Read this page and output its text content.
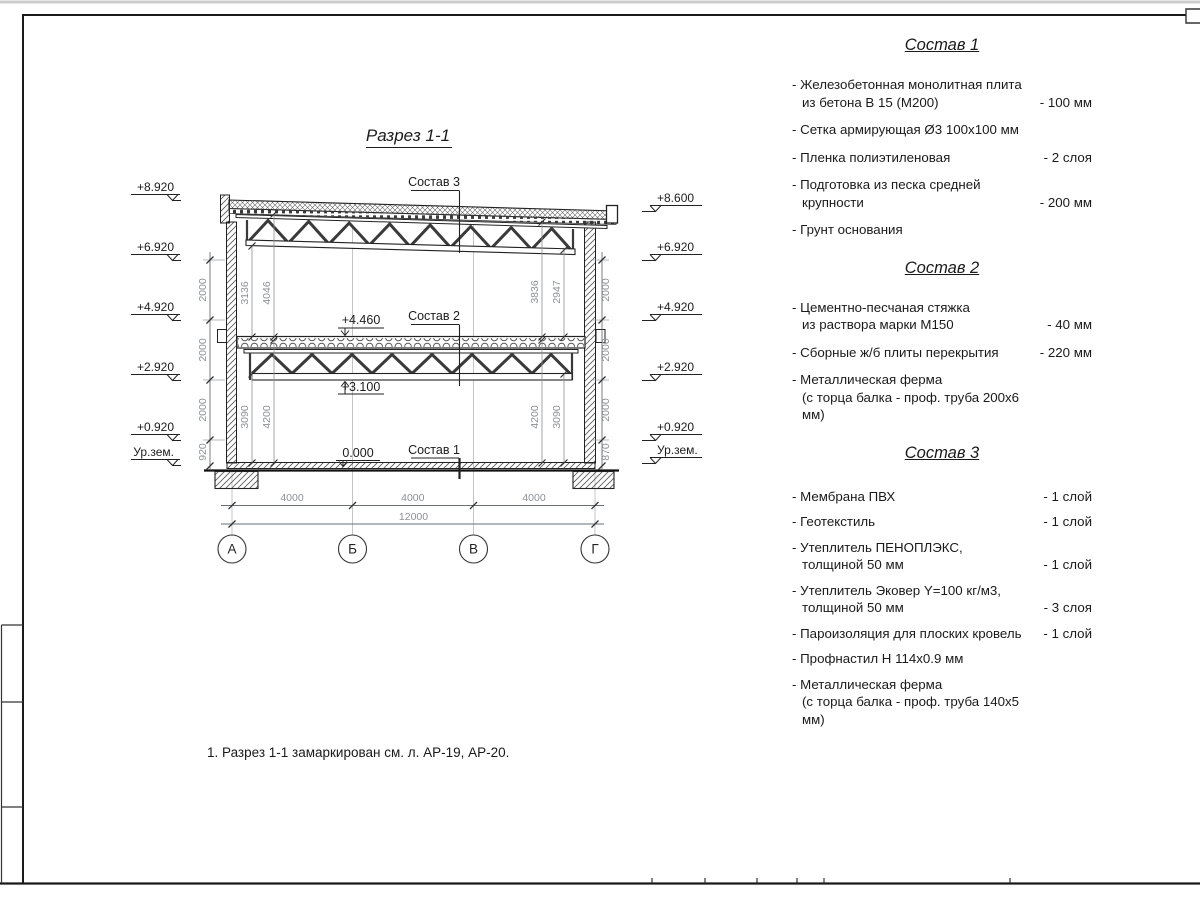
Разрез 1-1
Состав 3
Состав 2
Состав 1
+4.460
+3.100
0.000
+8.920
+6.920
+4.920
+2.920
+0.920
Ур.зем.
+8.600
+6.920
+4.920
+2.920
+0.920
Ур.зем.
2000
2000
2000
920
2000
2000
2000
870
3136 4046
3090 4200
3836 2947
4200 3090
4000	4000	4000
12000
А	Б	В	Г
Состав 1
- Железобетонная монолитная плита
из бетона В 15 (М200)	- 100 мм
- Сетка армирующая Ø3 100х100 мм
- Пленка полиэтиленовая	- 2 слоя
- Подготовка из песка средней
крупности	- 200 мм
- Грунт основания
Состав 2
- Цементно-песчаная стяжка
из раствора марки М150	- 40 мм
- Сборные ж/б плиты перекрытия	- 220 мм
- Металлическая ферма
(с торца балка - проф. труба 200х6 мм)
Состав 3
- Мембрана ПВХ	- 1 слой
- Геотекстиль	- 1 слой
- Утеплитель ПЕНОПЛЭКС,
толщиной 50 мм	- 1 слой
- Утеплитель Эковер Y=100 кг/м3,
толщиной 50 мм	- 3 слоя
- Пароизоляция для плоских кровель	- 1 слой
- Профнастил Н 114х0.9 мм
- Металлическая ферма
(с торца балка - проф. труба 140х5 мм)
1. Разрез 1-1 замаркирован см. л. АР-19, АР-20.
